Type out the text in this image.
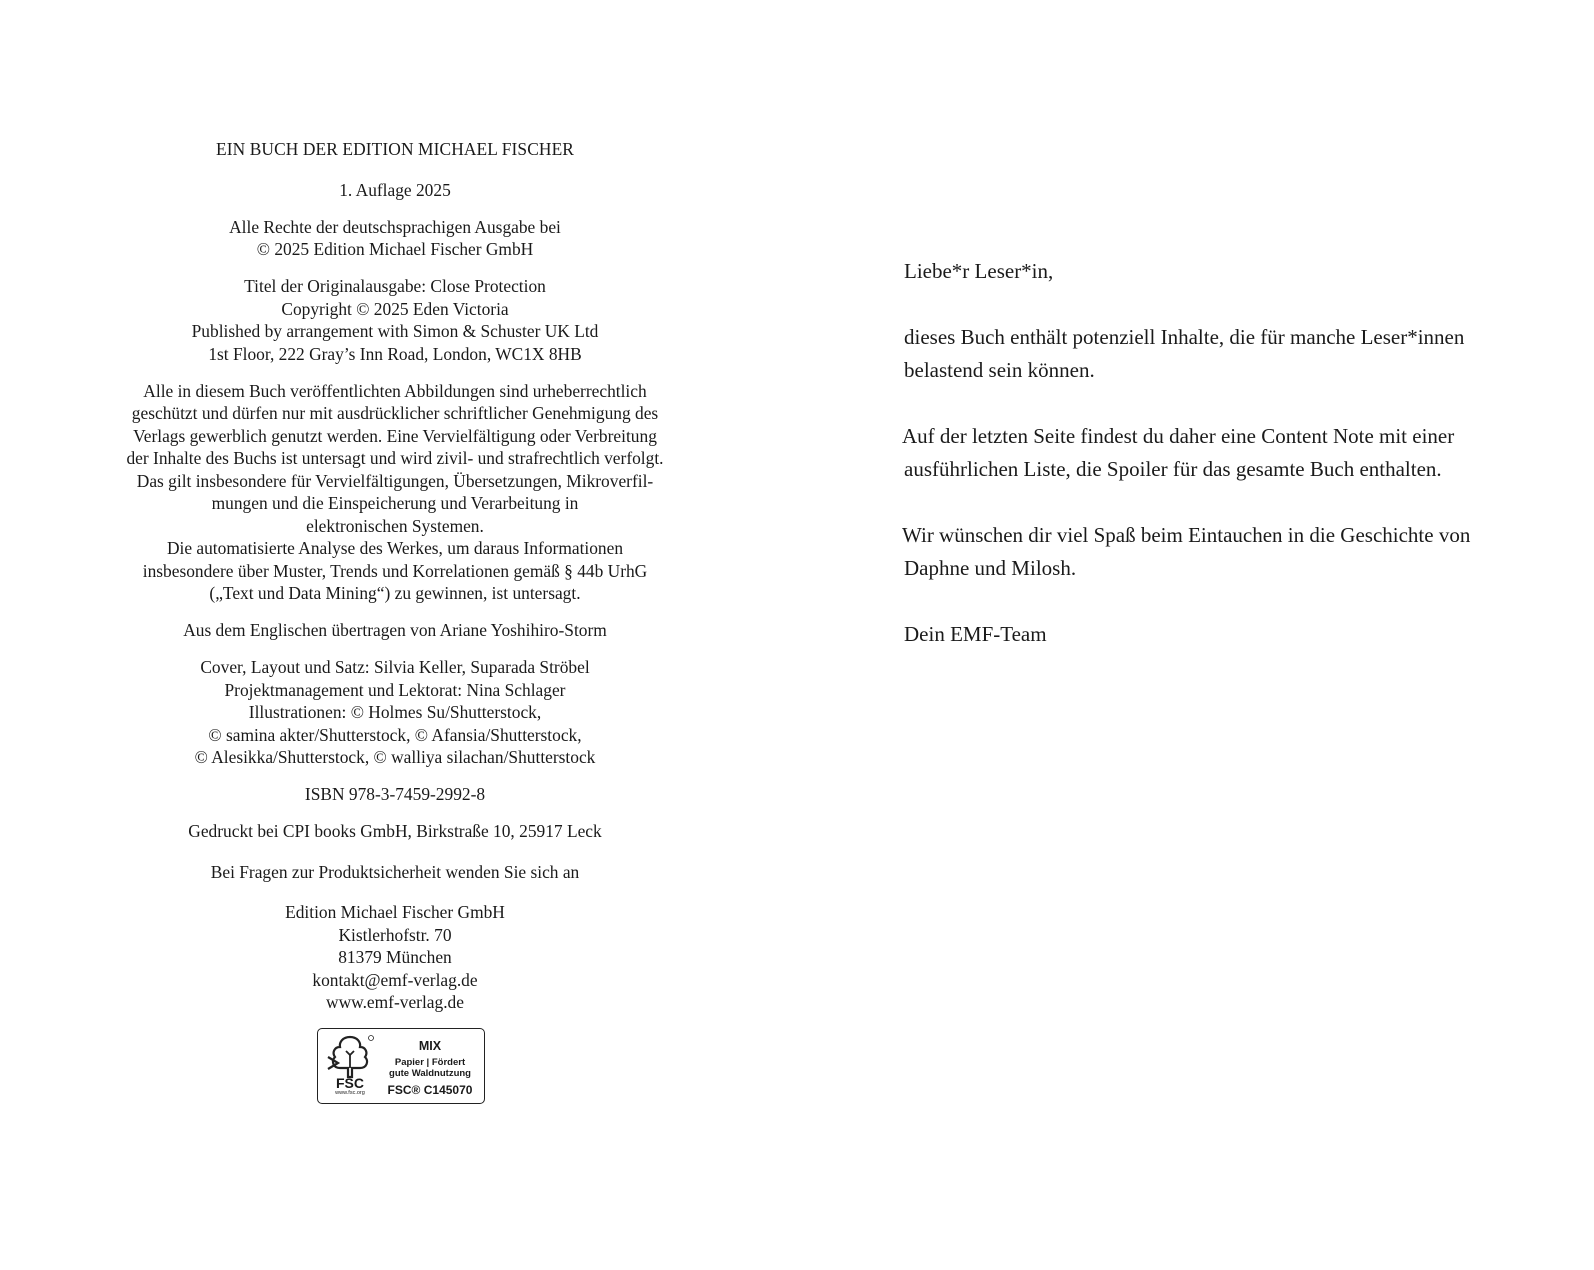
EIN BUCH DER EDITION MICHAEL FISCHER
1. Auflage 2025
Alle Rechte der deutschsprachigen Ausgabe bei
© 2025 Edition Michael Fischer GmbH
Titel der Originalausgabe: Close Protection
Copyright © 2025 Eden Victoria
Published by arrangement with Simon & Schuster UK Ltd
1st Floor, 222 Gray’s Inn Road, London, WC1X 8HB
Alle in diesem Buch veröffentlichten Abbildungen sind urheberrechtlich
geschützt und dürfen nur mit ausdrücklicher schriftlicher Genehmigung des
Verlags gewerblich genutzt werden. Eine Vervielfältigung oder Verbreitung
der Inhalte des Buchs ist untersagt und wird zivil- und strafrechtlich verfolgt.
Das gilt insbesondere für Vervielfältigungen, Übersetzungen, Mikroverfil-
mungen und die Einspeicherung und Verarbeitung in
elektronischen Systemen.
Die automatisierte Analyse des Werkes, um daraus Informationen
insbesondere über Muster, Trends und Korrelationen gemäß § 44b UrhG
(„Text und Data Mining“) zu gewinnen, ist untersagt.
Aus dem Englischen übertragen von Ariane Yoshihiro-Storm
Cover, Layout und Satz: Silvia Keller, Suparada Ströbel
Projektmanagement und Lektorat: Nina Schlager
Illustrationen: © Holmes Su/Shutterstock,
© samina akter/Shutterstock, © Afansia/Shutterstock,
© Alesikka/Shutterstock, © walliya silachan/Shutterstock
ISBN 978-3-7459-2992-8
Gedruckt bei CPI books GmbH, Birkstraße 10, 25917 Leck
Bei Fragen zur Produktsicherheit wenden Sie sich an
Edition Michael Fischer GmbH
Kistlerhofstr. 70
81379 München
kontakt@emf-verlag.de
www.emf-verlag.de
FSC
www.fsc.org
MIX
Papier | Fördert
gute Waldnutzung
FSC® C145070
Liebe*r Leser*in,
dieses Buch enthält potenziell Inhalte, die für manche Leser*innen
belastend sein können.
Auf der letzten Seite findest du daher eine Content Note mit einer
ausführlichen Liste, die Spoiler für das gesamte Buch enthalten.
Wir wünschen dir viel Spaß beim Eintauchen in die Geschichte von
Daphne und Milosh.
Dein EMF-Team
